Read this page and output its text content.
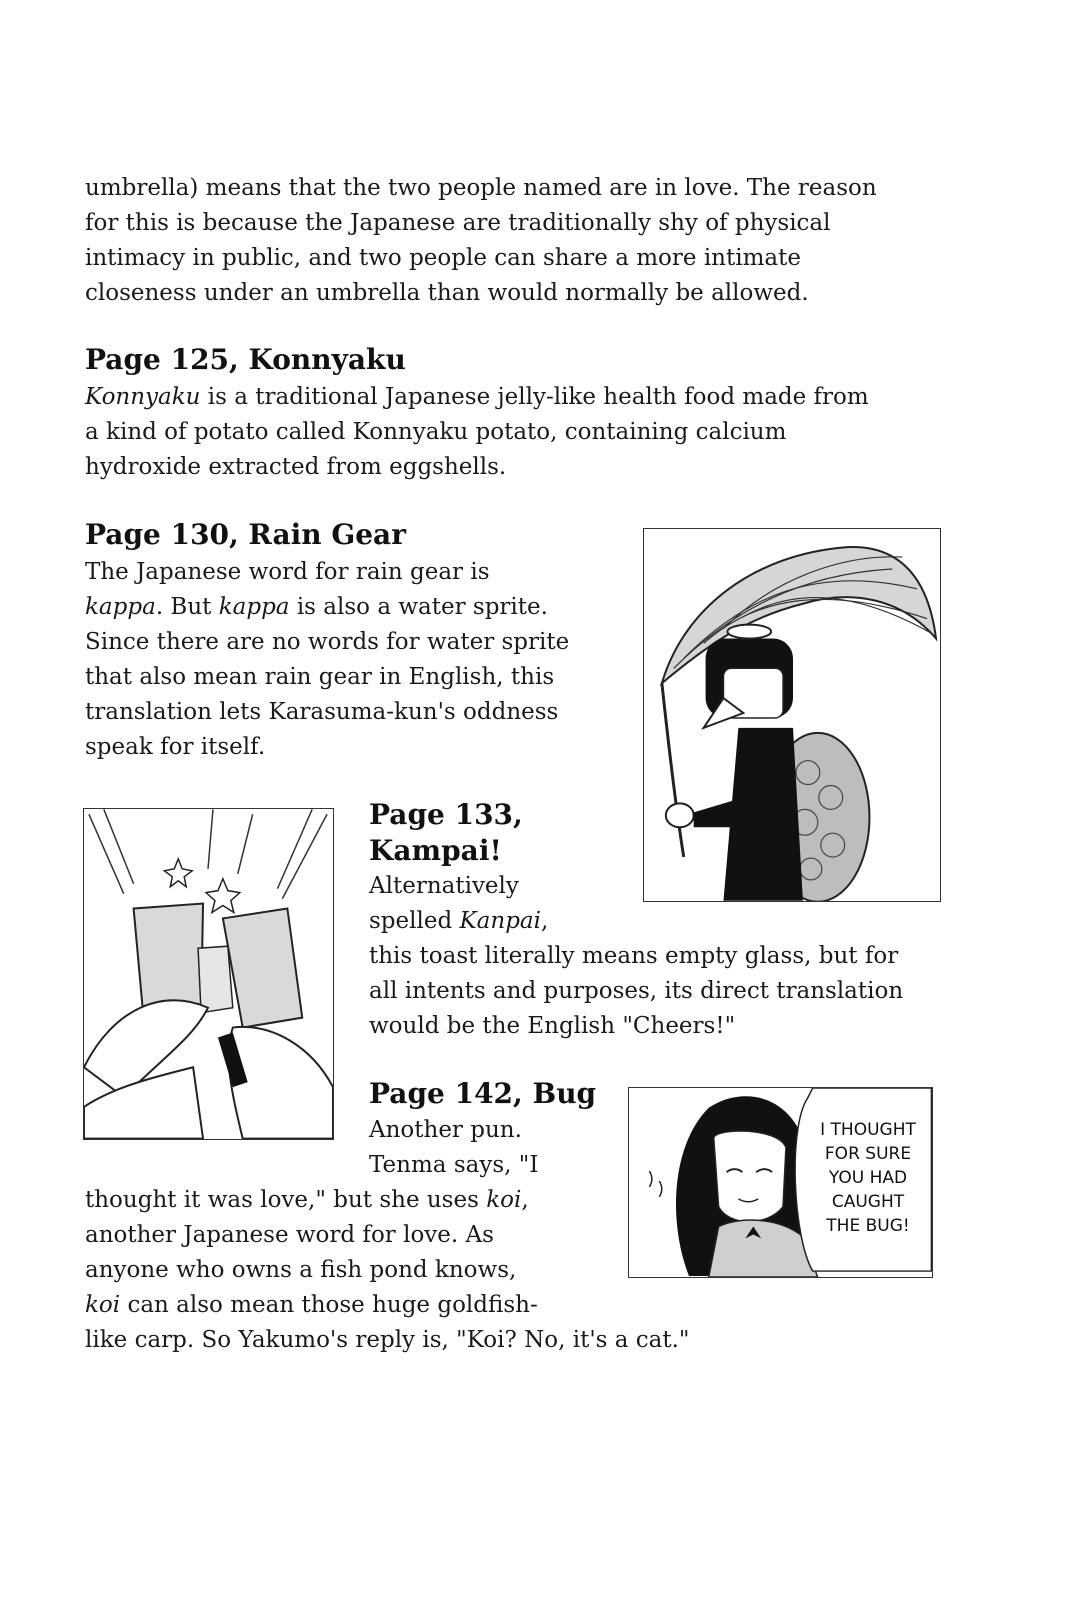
umbrella) means that the two people named are in love. The reason
for this is because the Japanese are traditionally shy of physical
intimacy in public, and two people can share a more intimate
closeness under an umbrella than would normally be allowed.
Page 125, Konnyaku
Konnyaku is a traditional Japanese jelly-like health food made from
a kind of potato called Konnyaku potato, containing calcium
hydroxide extracted from eggshells.
Page 130, Rain Gear
The Japanese word for rain gear is
kappa. But kappa is also a water sprite.
Since there are no words for water sprite
that also mean rain gear in English, this
translation lets Karasuma-kun's oddness
speak for itself.
Page 133,
Kampai!
Alternatively
spelled Kanpai,
this toast literally means empty glass, but for
all intents and purposes, its direct translation
would be the English "Cheers!"
Page 142, Bug
Another pun.
Tenma says, "I
thought it was love," but she uses koi,
another Japanese word for love. As
anyone who owns a fish pond knows,
koi can also mean those huge goldfish-
like carp. So Yakumo's reply is, "Koi? No, it's a cat."
I THOUGHT
FOR SURE
YOU HAD
CAUGHT
THE BUG!
